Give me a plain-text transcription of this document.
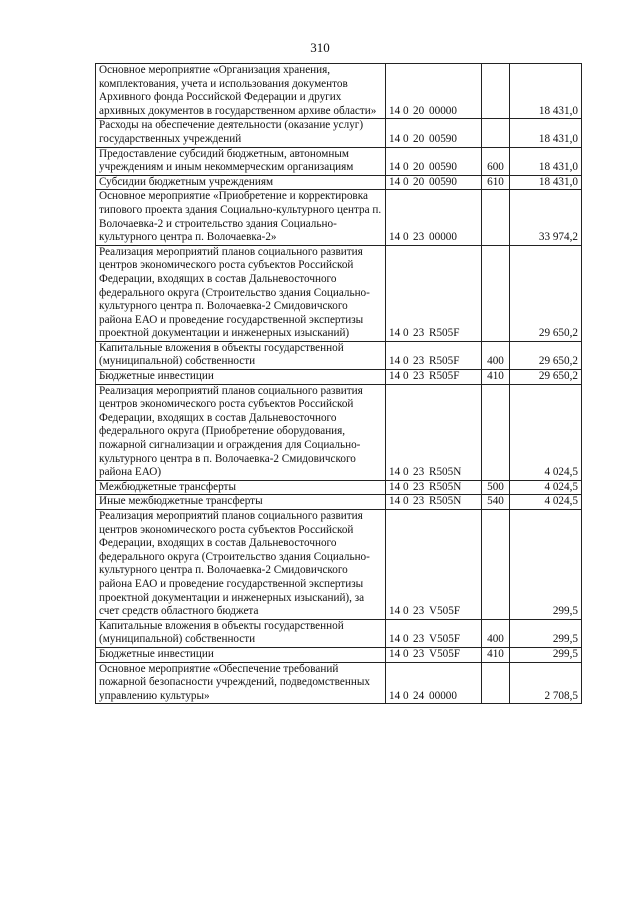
310
Основное мероприятие «Организация хранения, комплектования, учета и использования документов Архивного фонда Российской Федерации и других архивных документов в государственном архиве области»	14 0 20 00000		18 431,0
Расходы на обеспечение деятельности (оказание услуг) государственных учреждений	14 0 20 00590		18 431,0
Предоставление субсидий бюджетным, автономным учреждениям и иным некоммерческим организациям	14 0 20 00590	600	18 431,0
Субсидии бюджетным учреждениям	14 0 20 00590	610	18 431,0
Основное мероприятие «Приобретение и корректировка типового проекта здания Социально-культурного центра п. Волочаевка-2 и строительство здания Социально-культурного центра п. Волочаевка-2»	14 0 23 00000		33 974,2
Реализация мероприятий планов социального развития центров экономического роста субъектов Российской Федерации, входящих в состав Дальневосточного федерального округа (Строительство здания Социально-культурного центра п. Волочаевка-2 Смидовичского района ЕАО и проведение государственной экспертизы проектной документации и инженерных изысканий)	14 0 23 R505F		29 650,2
Капитальные вложения в объекты государственной (муниципальной) собственности	14 0 23 R505F	400	29 650,2
Бюджетные инвестиции	14 0 23 R505F	410	29 650,2
Реализация мероприятий планов социального развития центров экономического роста субъектов Российской Федерации, входящих в состав Дальневосточного федерального округа (Приобретение оборудования, пожарной сигнализации и ограждения для Социально-культурного центра в п. Волочаевка-2 Смидовичского района ЕАО)	14 0 23 R505N		4 024,5
Межбюджетные трансферты	14 0 23 R505N	500	4 024,5
Иные межбюджетные трансферты	14 0 23 R505N	540	4 024,5
Реализация мероприятий планов социального развития центров экономического роста субъектов Российской Федерации, входящих в состав Дальневосточного федерального округа (Строительство здания Социально-культурного центра п. Волочаевка-2 Смидовичского района ЕАО и проведение государственной экспертизы проектной документации и инженерных изысканий), за счет средств областного бюджета	14 0 23 V505F		299,5
Капитальные вложения в объекты государственной (муниципальной) собственности	14 0 23 V505F	400	299,5
Бюджетные инвестиции	14 0 23 V505F	410	299,5
Основное мероприятие «Обеспечение требований пожарной безопасности учреждений, подведомственных управлению культуры»	14 0 24 00000		2 708,5
